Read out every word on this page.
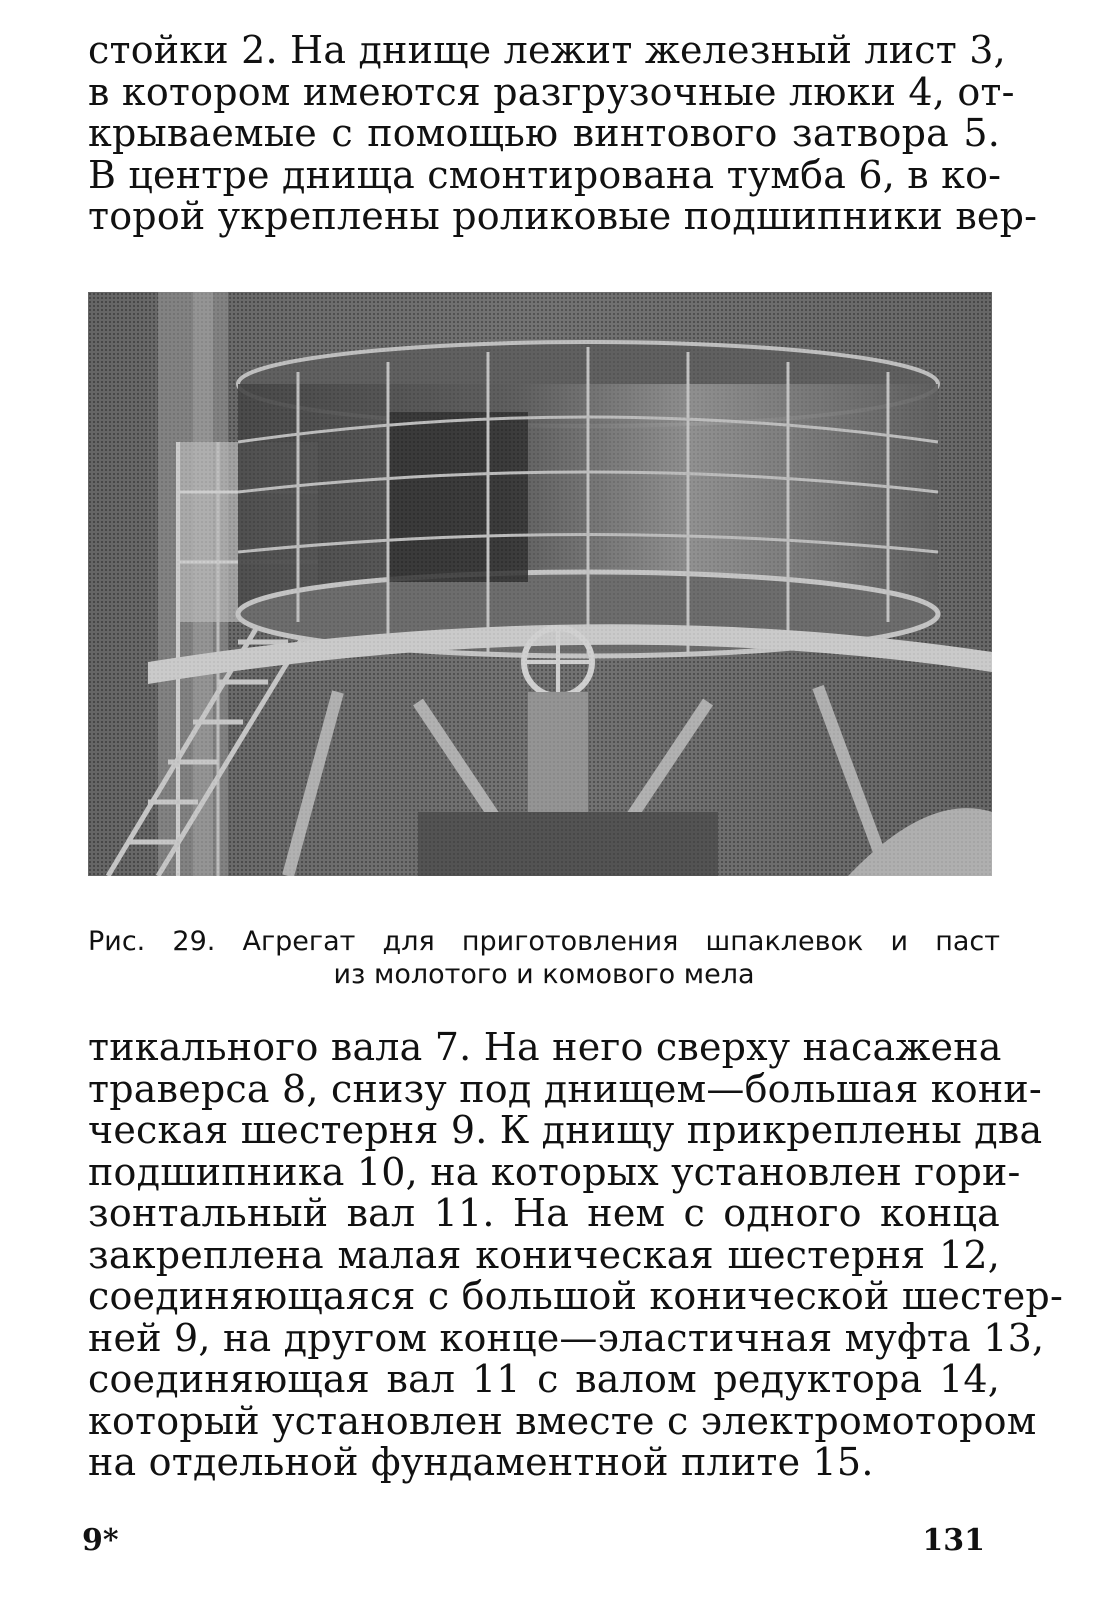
стойки 2. На днище лежит железный лист 3,
в котором имеются разгрузочные люки 4, от-
крываемые с помощью винтового затвора 5.
В центре днища смонтирована тумба 6, в ко-
торой укреплены роликовые подшипники вер-
Рис. 29. Агрегат для приготовления шпаклевок и паст
из молотого и комового мела
тикального вала 7. На него сверху насажена
траверса 8, снизу под днищем—большая кони-
ческая шестерня 9. К днищу прикреплены два
подшипника 10, на которых установлен гори-
зонтальный вал 11. На нем с одного конца
закреплена малая коническая шестерня 12,
соединяющаяся с большой конической шестер-
ней 9, на другом конце—эластичная муфта 13,
соединяющая вал 11 с валом редуктора 14,
который установлен вместе с электромотором
на отдельной фундаментной плите 15.
9*	131
